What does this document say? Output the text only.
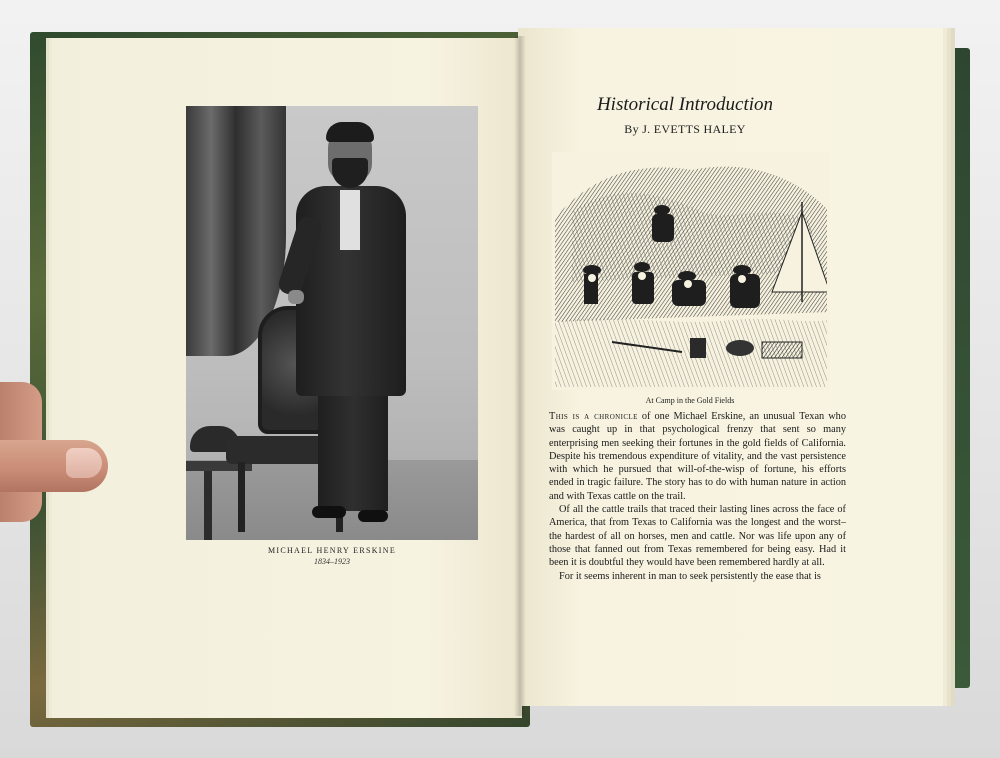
MICHAEL HENRY ERSKINE
1834–1923
Historical Introduction
By J. EVETTS HALEY
At Camp in the Gold Fields

This is a chronicle of one Michael Erskine, an unusual Texan who was caught up in that psychological frenzy that sent so many enterprising men seeking their fortunes in the gold fields of California. Despite his tremendous expenditure of vitality, and the vast persistence with which he pursued that will-of-the-wisp of fortune, his efforts ended in tragic failure. The story has to do with human nature in action and with Texas cattle on the trail.

Of all the cattle trails that traced their lasting lines across the face of America, that from Texas to California was the longest and the worst–the hardest of all on horses, men and cattle. Nor was life upon any of those that fanned out from Texas remembered for being easy. Had it been it is doubtful they would have been remembered hardly at all.

For it seems inherent in man to seek persistently the ease that is
